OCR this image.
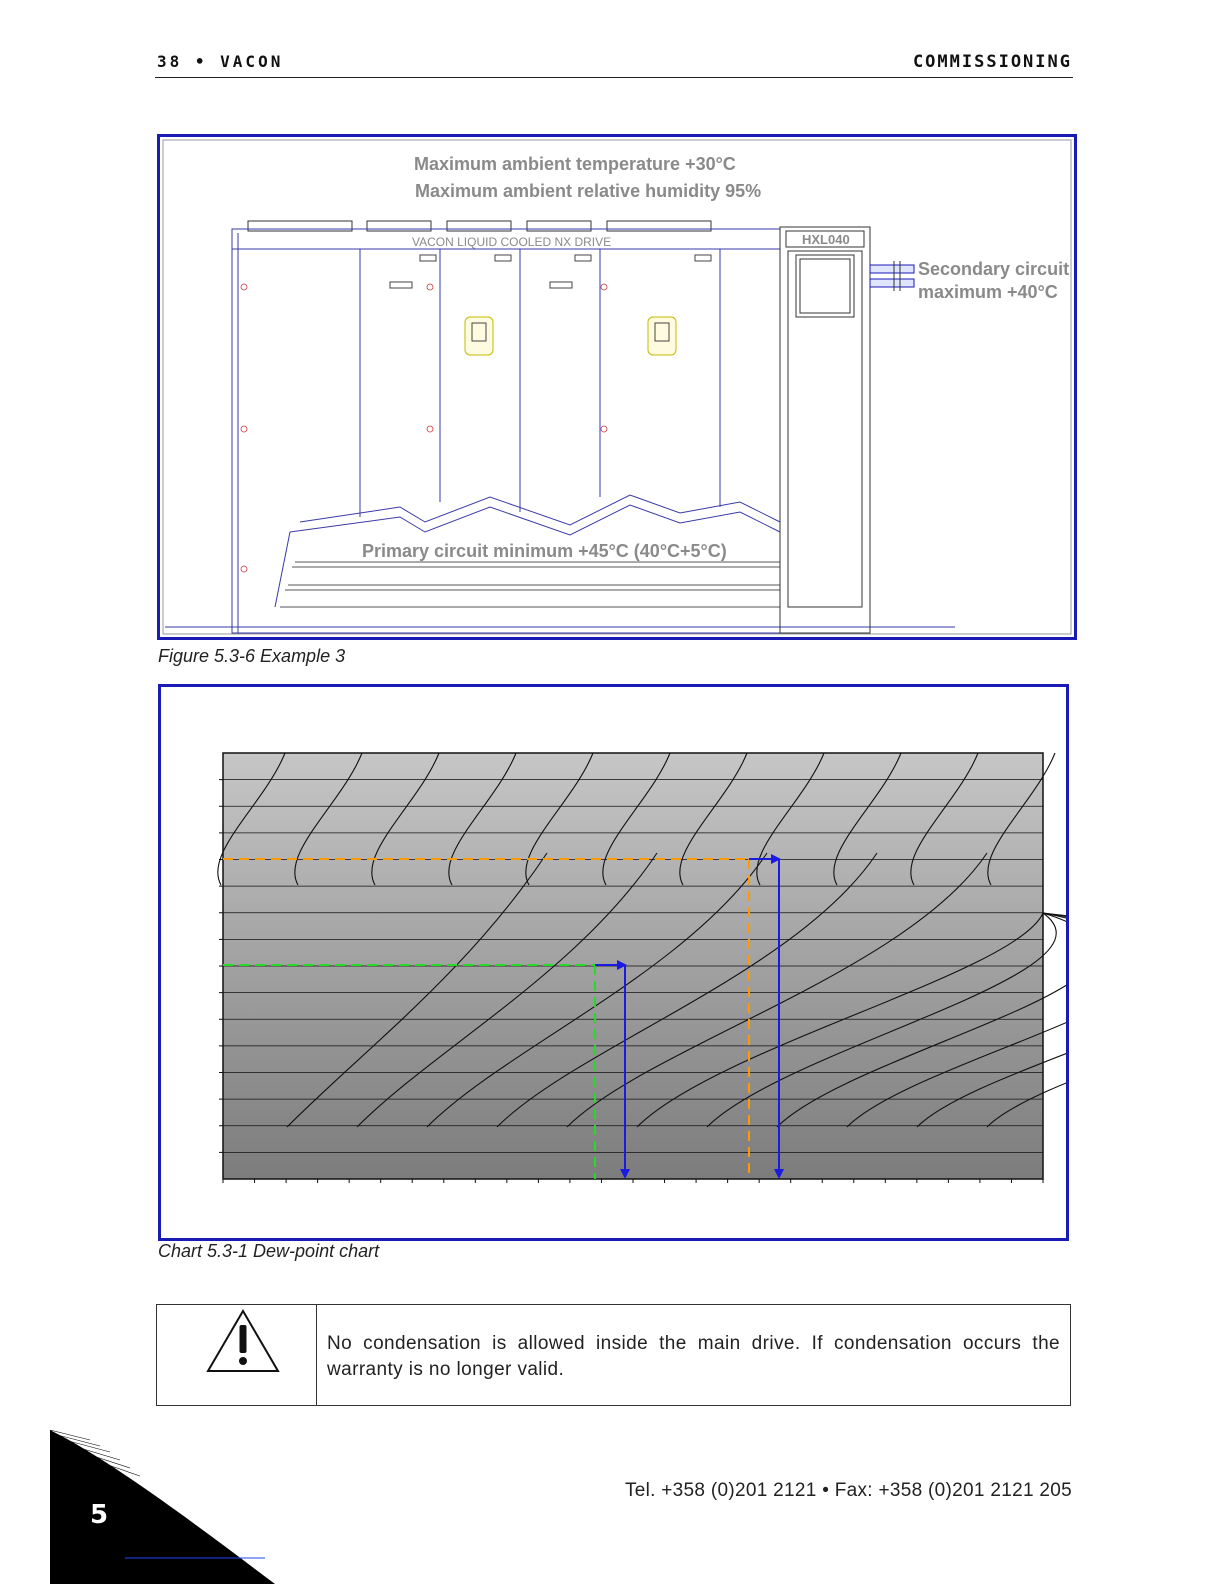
38 • VACON	COMMISSIONING
Maximum ambient temperature +30°C
Maximum ambient relative humidity 95%
VACON LIQUID COOLED NX DRIVE	HXL040
Secondary circuit
maximum +40°C
Primary circuit minimum +45°C (40°C+5°C)
Figure 5.3-6 Example 3
Chart 5.3-1 Dew-point chart
No condensation is allowed inside the main drive. If condensation occurs the warranty is no longer valid.
Tel. +358 (0)201 2121 • Fax: +358 (0)201 2121 205
5
